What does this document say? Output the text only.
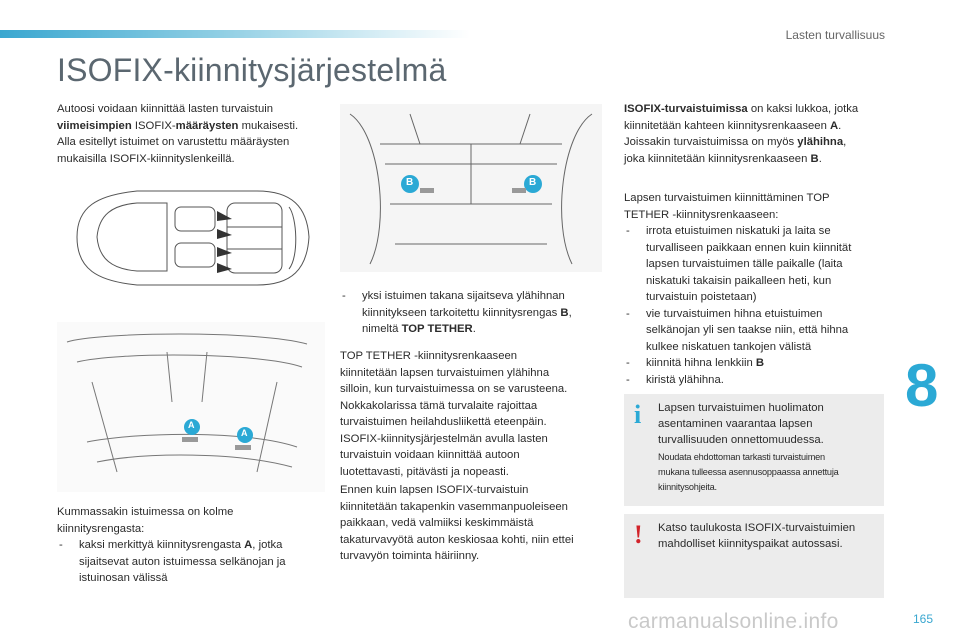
Lasten turvallisuus
ISOFIX-kiinnitysjärjestelmä

Autoosi voidaan kiinnittää lasten turvaistuin

viimeisimpien ISOFIX-määräysten mukaisesti.

Alla esitellyt istuimet on varustettu määräysten

mukaisilla ISOFIX-kiinnityslenkeillä.

A
A
B	B
- yksi istuimen takana sijaitseva ylähihnan

kiinnitykseen tarkoitettu kiinnitysrengas B,

nimeltä TOP TETHER.

TOP TETHER -kiinnitysrenkaaseen

kiinnitetään lapsen turvaistuimen ylähihna

silloin, kun turvaistuimessa on se varusteena.

Nokkakolarissa tämä turvalaite rajoittaa

turvaistuimen heilahdusliikettä eteenpäin.

ISOFIX-kiinnitysjärjestelmän avulla lasten

turvaistuin voidaan kiinnittää autoon

luotettavasti, pitävästi ja nopeasti.

Ennen kuin lapsen ISOFIX-turvaistuin

kiinnitetään takapenkin vasemmanpuoleiseen

paikkaan, vedä valmiiksi keskimmäistä

takaturvavyötä auton keskiosaa kohti, niin ettei

turvavyön toiminta häiriinny.

Kummassakin istuimessa on kolme

kiinnitysrengasta:

- kaksi merkittyä kiinnitysrengasta A, jotka

sijaitsevat auton istuimessa selkänojan ja

istuinosan välissä

ISOFIX-turvaistuimissa on kaksi lukkoa, jotka

kiinnitetään kahteen kiinnitysrenkaaseen A.

Joissakin turvaistuimissa on myös ylähihna,

joka kiinnitetään kiinnitysrenkaaseen B.

Lapsen turvaistuimen kiinnittäminen TOP

TETHER -kiinnitysrenkaaseen:

- irrota etuistuimen niskatuki ja laita se

turvalliseen paikkaan ennen kuin kiinnität

lapsen turvaistuimen tälle paikalle (laita

niskatuki takaisin paikalleen heti, kun

turvaistuin poistetaan)

- vie turvaistuimen hihna etuistuimen

selkänojan yli sen taakse niin, että hihna

kulkee niskatuen tankojen välistä

- kiinnitä hihna lenkkiin B

- kiristä ylähihna.

i Lapsen turvaistuimen huolimaton

asentaminen vaarantaa lapsen

turvallisuuden onnettomuudessa.

Noudata ehdottoman tarkasti turvaistuimen

mukana tulleessa asennusoppaassa annettuja

kiinnitysohjeita.

! Katso taulukosta ISOFIX-turvaistuimien

mahdolliset kiinnityspaikat autossasi.

8
carmanualsonline.info	165
